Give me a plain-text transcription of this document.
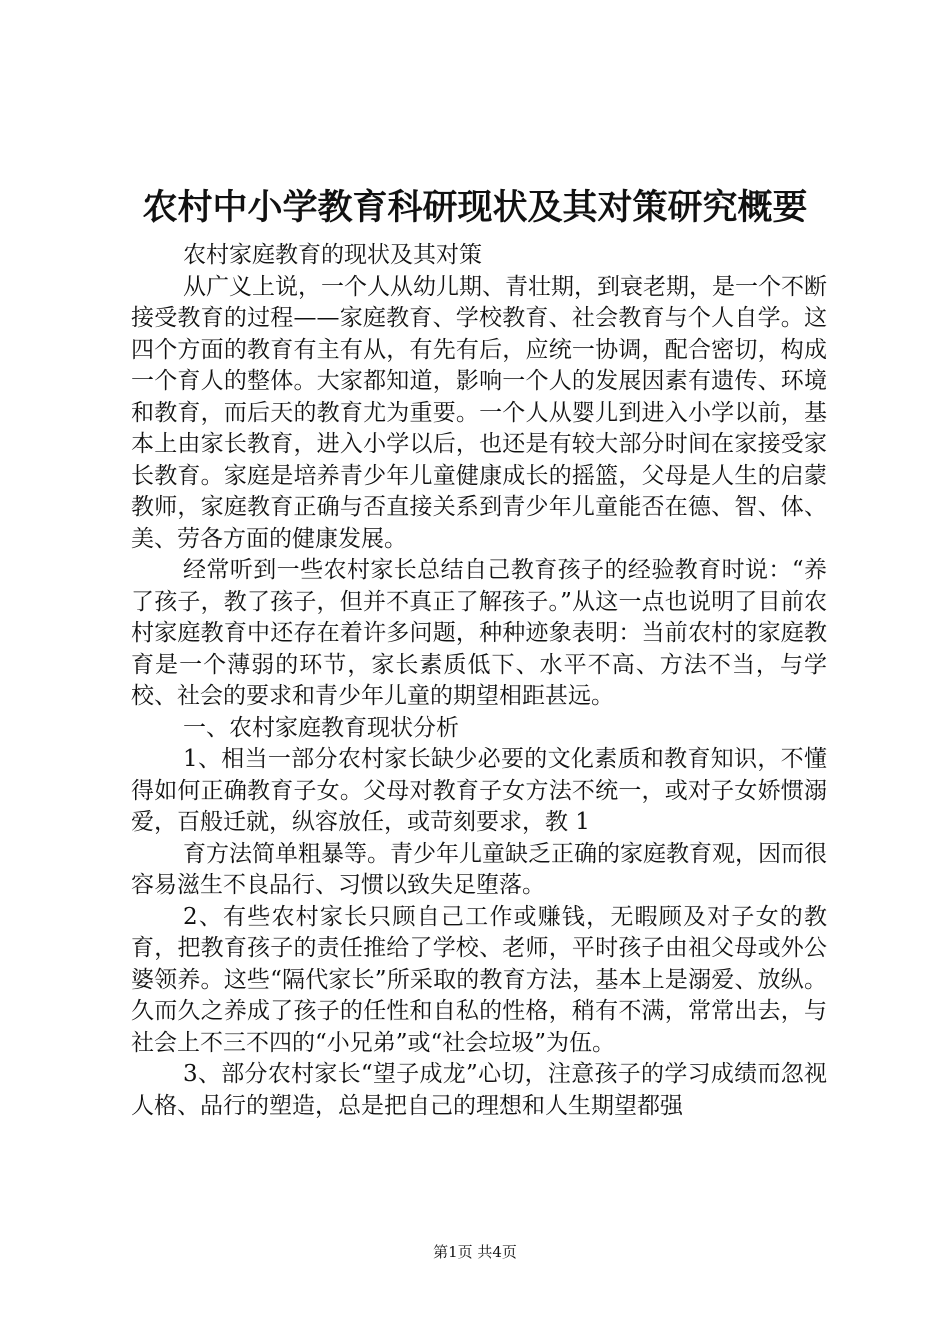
农村中小学教育科研现状及其对策研究概要

农村家庭教育的现状及其对策

从广义上说，一个人从幼儿期、青壮期，到衰老期，是一个不断接受教育的过程——家庭教育、学校教育、社会教育与个人自学。这四个方面的教育有主有从，有先有后，应统一协调，配合密切，构成一个育人的整体。大家都知道，影响一个人的发展因素有遗传、环境和教育，而后天的教育尤为重要。一个人从婴儿到进入小学以前，基本上由家长教育，进入小学以后，也还是有较大部分时间在家接受家长教育。家庭是培养青少年儿童健康成长的摇篮，父母是人生的启蒙教师，家庭教育正确与否直接关系到青少年儿童能否在德、智、体、美、劳各方面的健康发展。

经常听到一些农村家长总结自己教育孩子的经验教育时说：“养了孩子，教了孩子，但并不真正了解孩子。”从这一点也说明了目前农村家庭教育中还存在着许多问题，种种迹象表明：当前农村的家庭教育是一个薄弱的环节，家长素质低下、水平不高、方法不当，与学校、社会的要求和青少年儿童的期望相距甚远。

一、农村家庭教育现状分析

1、相当一部分农村家长缺少必要的文化素质和教育知识，不懂得如何正确教育子女。父母对教育子女方法不统一，或对子女娇惯溺爱，百般迁就，纵容放任，或苛刻要求，教 1

育方法简单粗暴等。青少年儿童缺乏正确的家庭教育观，因而很容易滋生不良品行、习惯以致失足堕落。

2、有些农村家长只顾自己工作或赚钱，无暇顾及对子女的教育，把教育孩子的责任推给了学校、老师，平时孩子由祖父母或外公婆领养。这些“隔代家长”所采取的教育方法，基本上是溺爱、放纵。久而久之养成了孩子的任性和自私的性格，稍有不满，常常出去，与社会上不三不四的“小兄弟”或“社会垃圾”为伍。

3、部分农村家长“望子成龙”心切，注意孩子的学习成绩而忽视人格、品行的塑造，总是把自己的理想和人生期望都强

第1页 共4页
